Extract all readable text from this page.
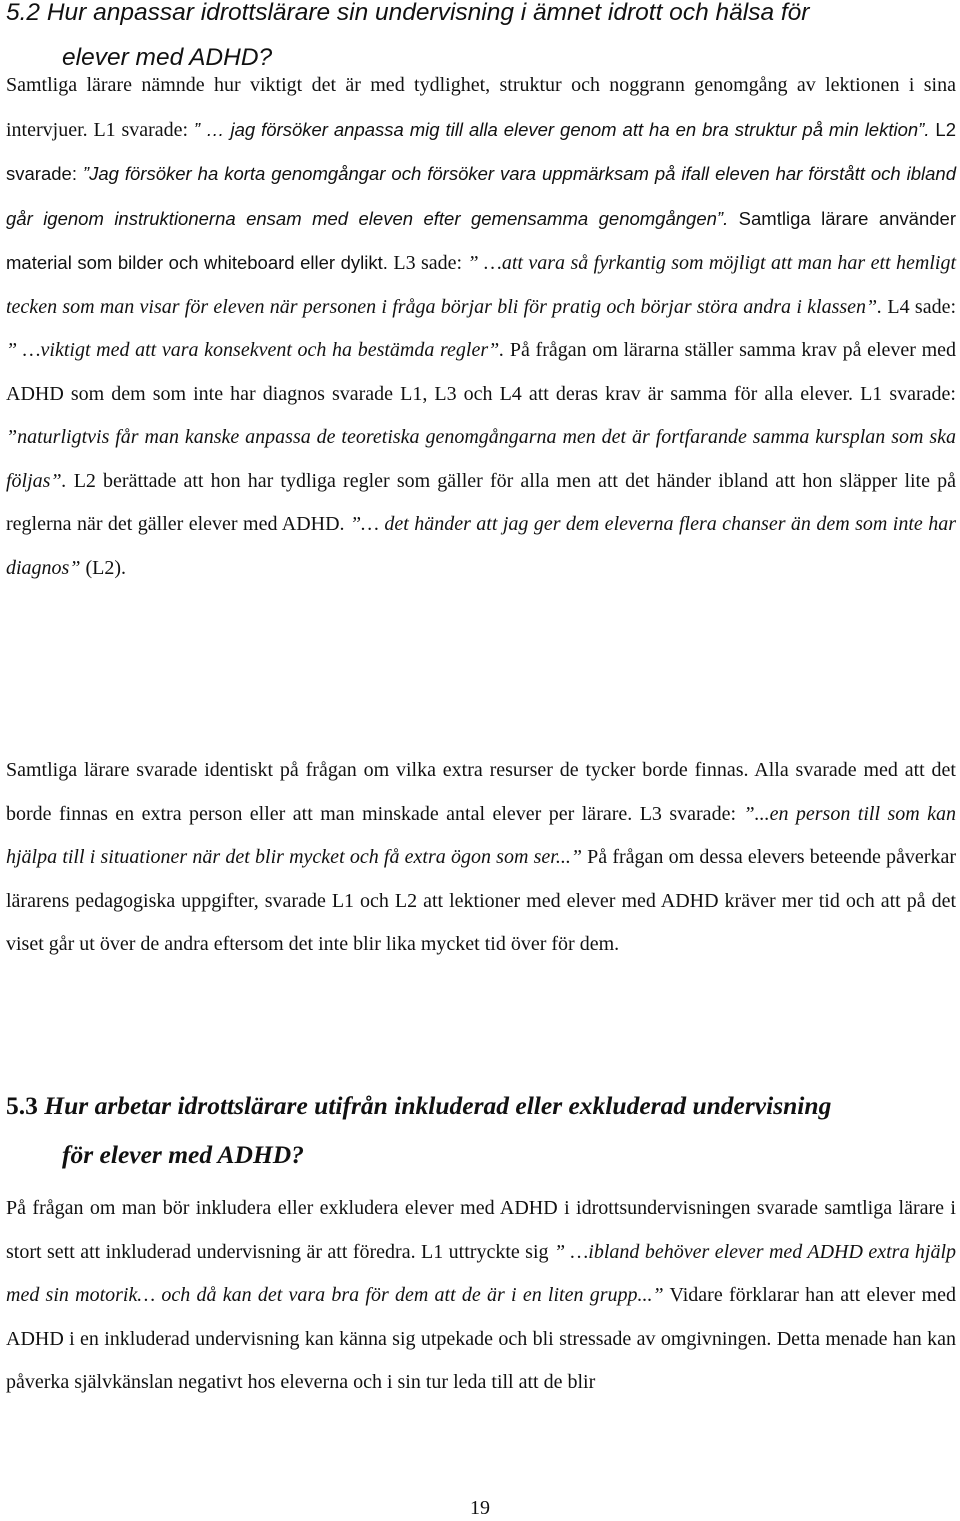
5.2 Hur anpassar idrottslärare sin undervisning i ämnet idrott och hälsa för
elever med ADHD?

Samtliga lärare nämnde hur viktigt det är med tydlighet, struktur och noggrann genomgång av lektionen i sina intervjuer. L1 svarade: ” … jag försöker anpassa mig till alla elever genom att ha en bra struktur på min lektion”. L2 svarade: ”Jag försöker ha korta genomgångar och försöker vara uppmärksam på ifall eleven har förstått och ibland går igenom instruktionerna ensam med eleven efter gemensamma genomgången”. Samtliga lärare använder material som bilder och whiteboard eller dylikt. L3 sade: ” …att vara så fyrkantig som möjligt att man har ett hemligt tecken som man visar för eleven när personen i fråga börjar bli för pratig och börjar störa andra i klassen”. L4 sade: ” …viktigt med att vara konsekvent och ha bestämda regler”. På frågan om lärarna ställer samma krav på elever med ADHD som dem som inte har diagnos svarade L1, L3 och L4 att deras krav är samma för alla elever. L1 svarade: ”naturligtvis får man kanske anpassa de teoretiska genomgångarna men det är fortfarande samma kursplan som ska följas”. L2 berättade att hon har tydliga regler som gäller för alla men att det händer ibland att hon släpper lite på reglerna när det gäller elever med ADHD. ”… det händer att jag ger dem eleverna flera chanser än dem som inte har diagnos” (L2).

Samtliga lärare svarade identiskt på frågan om vilka extra resurser de tycker borde finnas. Alla svarade med att det borde finnas en extra person eller att man minskade antal elever per lärare. L3 svarade: ”...en person till som kan hjälpa till i situationer när det blir mycket och få extra ögon som ser...” På frågan om dessa elevers beteende påverkar lärarens pedagogiska uppgifter, svarade L1 och L2 att lektioner med elever med ADHD kräver mer tid och att på det viset går ut över de andra eftersom det inte blir lika mycket tid över för dem.

5.3 Hur arbetar idrottslärare utifrån inkluderad eller exkluderad undervisning
för elever med ADHD?

På frågan om man bör inkludera eller exkludera elever med ADHD i idrottsundervisningen svarade samtliga lärare i stort sett att inkluderad undervisning är att föredra. L1 uttryckte sig ” …ibland behöver elever med ADHD extra hjälp med sin motorik… och då kan det vara bra för dem att de är i en liten grupp...” Vidare förklarar han att elever med ADHD i en inkluderad undervisning kan känna sig utpekade och bli stressade av omgivningen. Detta menade han kan påverka självkänslan negativt hos eleverna och i sin tur leda till att de blir

19
